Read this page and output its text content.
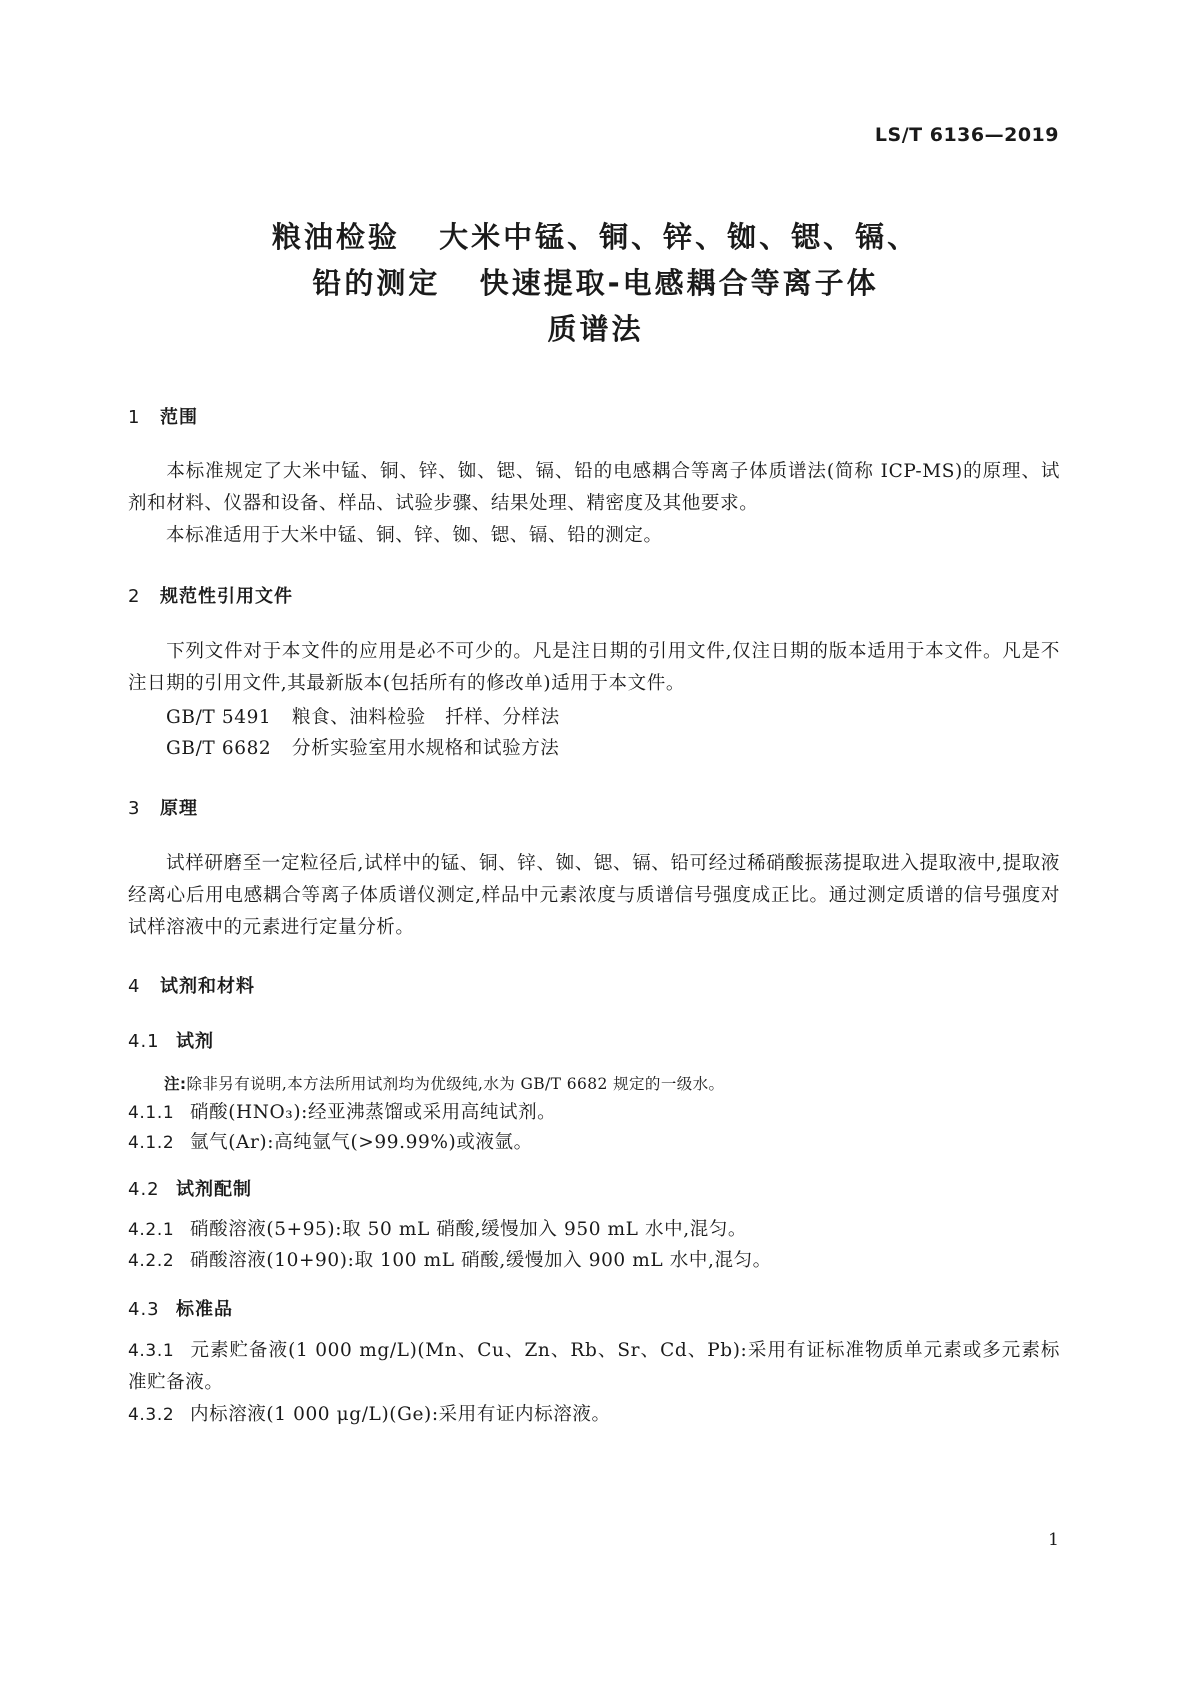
LS/T 6136—2019
粮油检验   大米中锰、铜、锌、铷、锶、镉、
铅的测定   快速提取-电感耦合等离子体
质谱法
1 范围
本标准规定了大米中锰、铜、锌、铷、锶、镉、铅的电感耦合等离子体质谱法(简称 ICP-MS)的原理、试剂和材料、仪器和设备、样品、试验步骤、结果处理、精密度及其他要求。
本标准适用于大米中锰、铜、锌、铷、锶、镉、铅的测定。
2 规范性引用文件
下列文件对于本文件的应用是必不可少的。凡是注日期的引用文件,仅注日期的版本适用于本文件。凡是不注日期的引用文件,其最新版本(包括所有的修改单)适用于本文件。
GB/T 5491 粮食、油料检验   扦样、分样法
GB/T 6682 分析实验室用水规格和试验方法
3 原理
试样研磨至一定粒径后,试样中的锰、铜、锌、铷、锶、镉、铅可经过稀硝酸振荡提取进入提取液中,提取液经离心后用电感耦合等离子体质谱仪测定,样品中元素浓度与质谱信号强度成正比。通过测定质谱的信号强度对试样溶液中的元素进行定量分析。
4 试剂和材料
4.1 试剂
注:除非另有说明,本方法所用试剂均为优级纯,水为 GB/T 6682 规定的一级水。
4.1.1 硝酸(HNO₃):经亚沸蒸馏或采用高纯试剂。
4.1.2 氩气(Ar):高纯氩气(>99.99%)或液氩。
4.2 试剂配制
4.2.1 硝酸溶液(5+95):取 50 mL 硝酸,缓慢加入 950 mL 水中,混匀。
4.2.2 硝酸溶液(10+90):取 100 mL 硝酸,缓慢加入 900 mL 水中,混匀。
4.3 标准品
4.3.1 元素贮备液(1 000 mg/L)(Mn、Cu、Zn、Rb、Sr、Cd、Pb):采用有证标准物质单元素或多元素标准贮备液。
4.3.2 内标溶液(1 000 μg/L)(Ge):采用有证内标溶液。
1
